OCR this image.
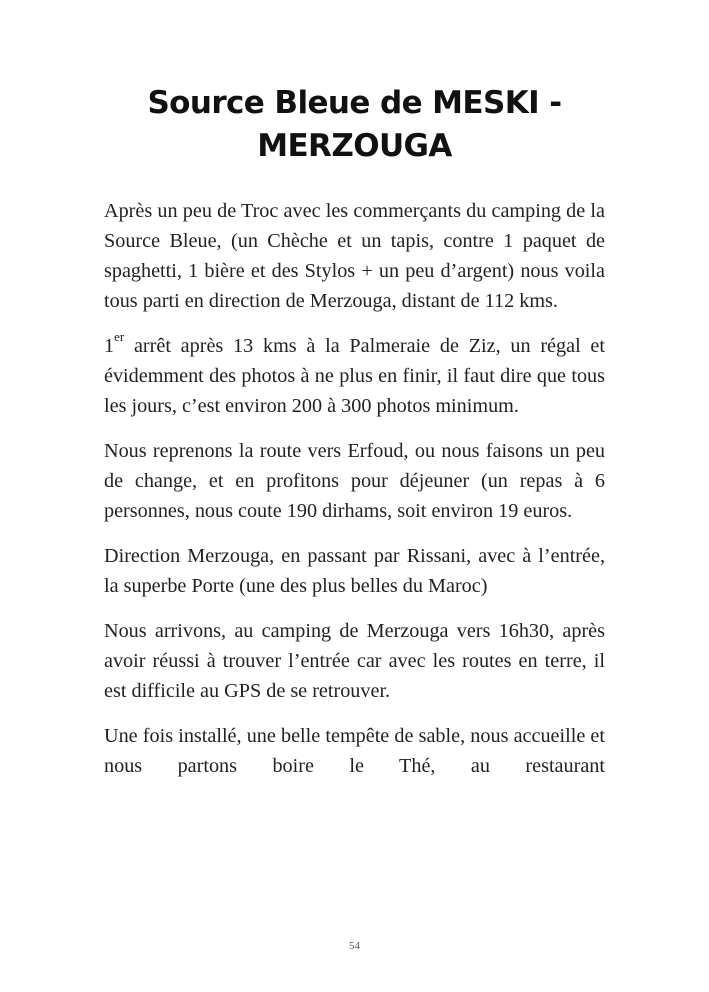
Source Bleue de MESKI - MERZOUGA

Après un peu de Troc avec les commerçants du camping de la Source Bleue, (un Chèche et un tapis, contre 1 paquet de spaghetti, 1 bière et des Stylos + un peu d’argent) nous voila tous parti en direction de Merzouga, distant de 112 kms.

1er arrêt après 13 kms à la Palmeraie de Ziz, un régal et évidemment des photos à ne plus en finir, il faut dire que tous les jours, c’est environ 200 à 300 photos minimum.

Nous reprenons la route vers Erfoud, ou nous faisons un peu de change, et en profitons pour déjeuner (un repas à 6 personnes, nous coute 190 dirhams, soit environ 19 euros.

Direction Merzouga, en passant par Rissani, avec à l’entrée, la superbe Porte (une des plus belles du Maroc)

Nous arrivons, au camping de Merzouga vers 16h30, après avoir réussi à trouver l’entrée car avec les routes en terre, il est difficile au GPS de se retrouver.

Une fois installé, une belle tempête de sable, nous accueille et nous partons boire le Thé, au restaurant

54
